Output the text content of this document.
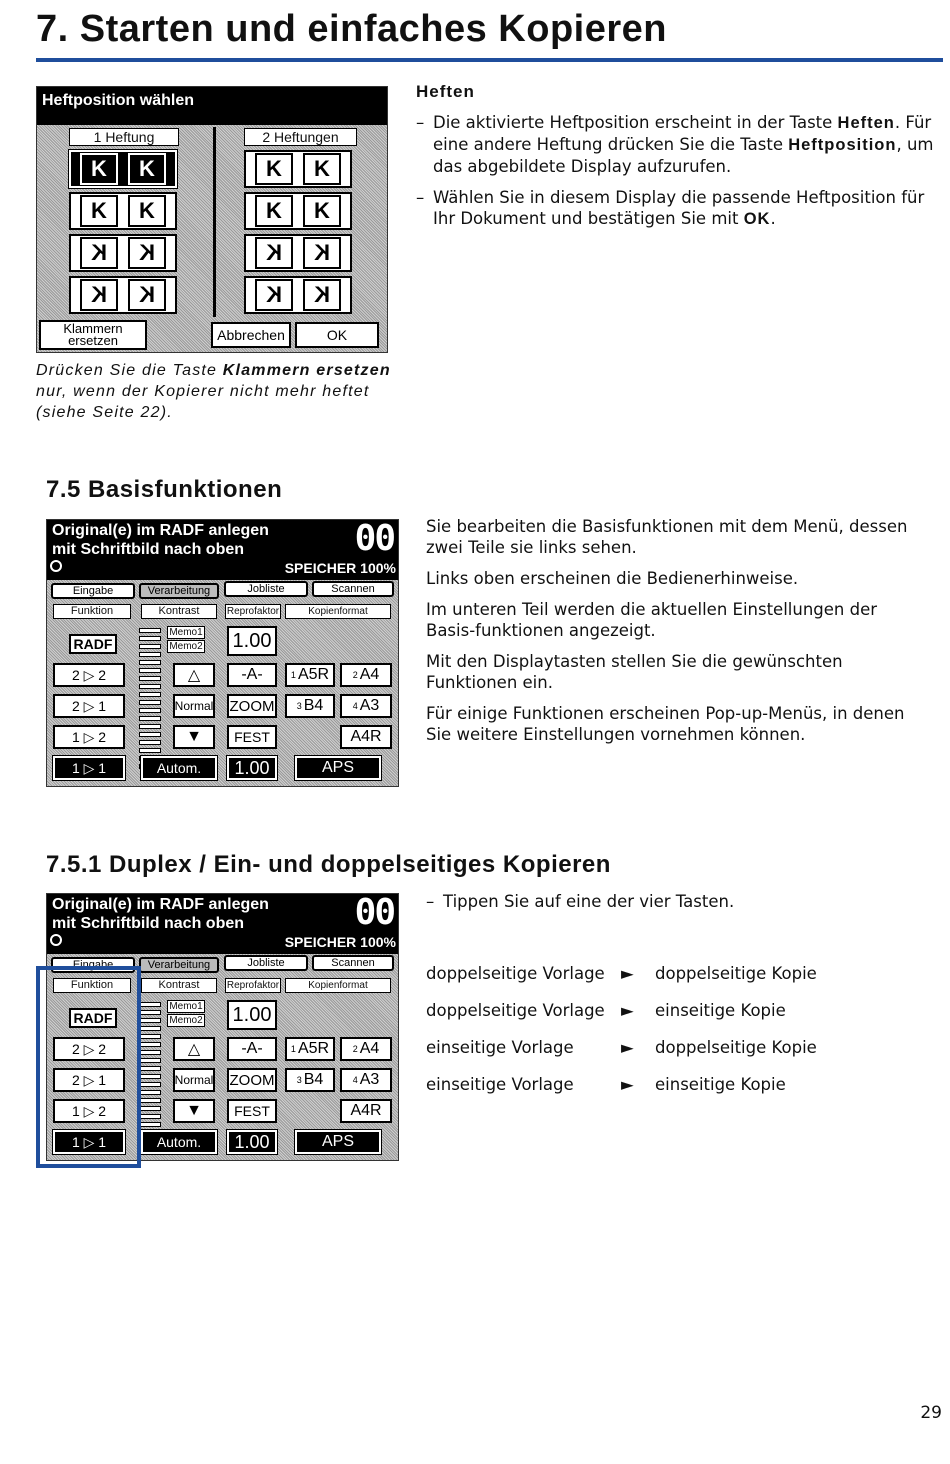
7. Starten und einfaches Kopieren
Heftposition wählen
1 Heftung	2 Heftungen
K	K
K	K
K	K
K	K
K	K
K	K
K	K
K	K
Klammern ersetzen	Abbrechen	OK
Heften

– Die aktivierte Heftposition erscheint in der Taste Heften. Für eine andere Heftung drücken Sie die Taste Heftposition, um das abgebildete Display aufzurufen.

– Wählen Sie in diesem Display die passende Heftposition für Ihr Dokument und bestätigen Sie mit OK.

Drücken Sie die Taste Klammern ersetzen nur, wenn der Kopierer nicht mehr heftet (siehe Seite 22).
7.5 Basisfunktionen
Original(e) im RADF anlegen
mit Schriftbild nach oben	00
SPEICHER 100%
Eingabe	Verarbeitung	Jobliste	Scannen
Funktion	Kontrast	Reprofaktor	Kopienformat
RADF
2 ▷ 2
2 ▷ 1
1 ▷ 2
1 ▷ 1
Memo1
Memo2
△
Normal
▼
Autom.
1.00
-A-
ZOOM
FEST
1.00
1 A5R	2 A4
3 B4	4 A3
A4R
APS

Sie bearbeiten die Basisfunktionen mit dem Menü, dessen zwei Teile sie links sehen.

Links oben erscheinen die Bedienerhinweise.

Im unteren Teil werden die aktuellen Einstellungen der Basis-funktionen angezeigt.

Mit den Displaytasten stellen Sie die gewünschten Funktionen ein.

Für einige Funktionen erscheinen Pop-up-Menüs, in denen Sie weitere Einstellungen vornehmen können.

7.5.1 Duplex / Ein- und doppelseitiges Kopieren
Original(e) im RADF anlegen
mit Schriftbild nach oben	00
SPEICHER 100%
Eingabe	Verarbeitung	Jobliste	Scannen
Funktion	Kontrast	Reprofaktor	Kopienformat
RADF
2 ▷ 2
2 ▷ 1
1 ▷ 2
1 ▷ 1
Memo1
Memo2
△
Normal
▼
Autom.
1.00
-A-
ZOOM
FEST
1.00
1 A5R	2 A4
3 B4	4 A3
A4R
APS

– Tippen Sie auf eine der vier Tasten.

doppelseitige Vorlage ► doppelseitige Kopie
doppelseitige Vorlage ► einseitige Kopie
einseitige Vorlage	► doppelseitige Kopie
einseitige Vorlage	► einseitige Kopie
29
